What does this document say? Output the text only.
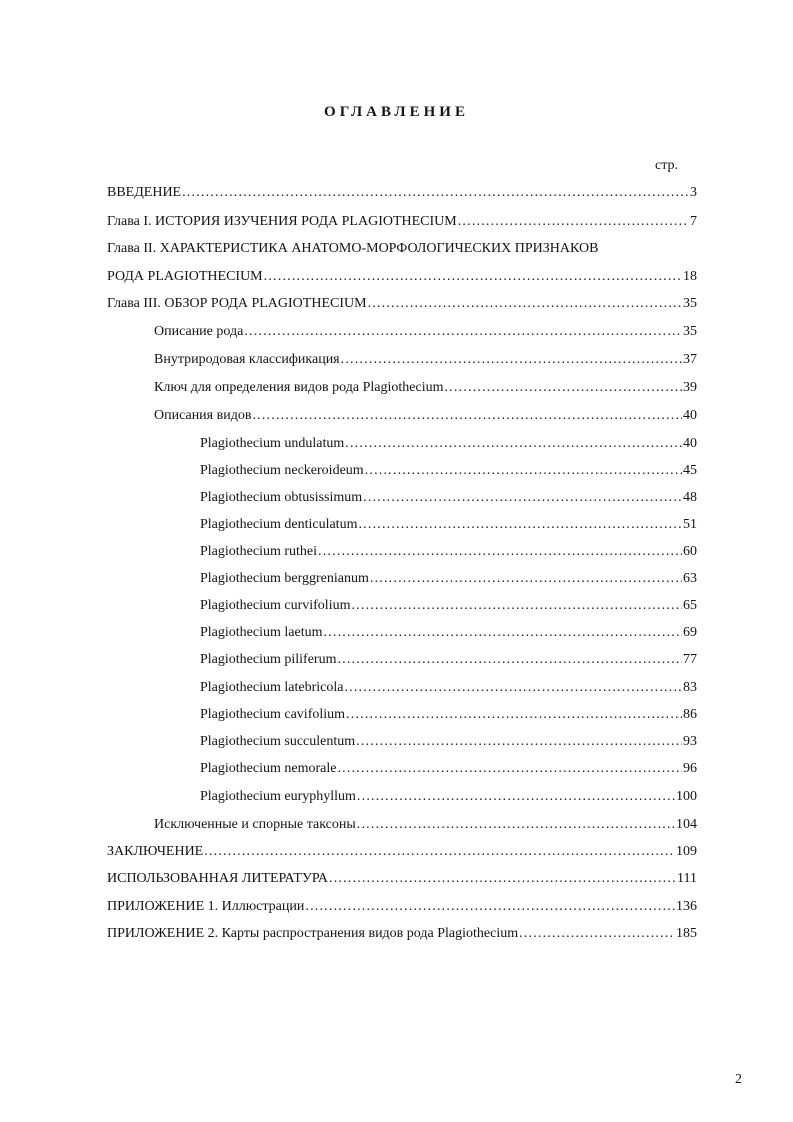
ОГЛАВЛЕНИЕ
стр.
ВВЕДЕНИЕ .....	3
Глава I. ИСТОРИЯ ИЗУЧЕНИЯ РОДА PLAGIOTHECIUM .....	7
Глава II. ХАРАКТЕРИСТИКА АНАТОМО-МОРФОЛОГИЧЕСКИХ ПРИЗНАКОВ
РОДА PLAGIOTHECIUM .....	18
Глава III. ОБЗОР РОДА PLAGIOTHECIUM .....	35
Описание рода .....	35
Внутриродовая классификация .....	37
Ключ для определения видов рода Plagiothecium .....	39
Описания видов .....	40
Plagiothecium undulatum .....	40
Plagiothecium neckeroideum .....	45
Plagiothecium obtusissimum .....	48
Plagiothecium denticulatum .....	51
Plagiothecium ruthei .....	60
Plagiothecium berggrenianum .....	63
Plagiothecium curvifolium .....	65
Plagiothecium laetum .....	69
Plagiothecium piliferum .....	77
Plagiothecium latebricola .....	83
Plagiothecium cavifolium .....	86
Plagiothecium succulentum .....	93
Plagiothecium nemorale .....	96
Plagiothecium euryphyllum .....	100
Исключенные и спорные таксоны .....	104
ЗАКЛЮЧЕНИЕ .....	109
ИСПОЛЬЗОВАННАЯ ЛИТЕРАТУРА .....	111
ПРИЛОЖЕНИЕ 1. Иллюстрации .....	136
ПРИЛОЖЕНИЕ 2. Карты распространения видов рода Plagiothecium .....	185
2
